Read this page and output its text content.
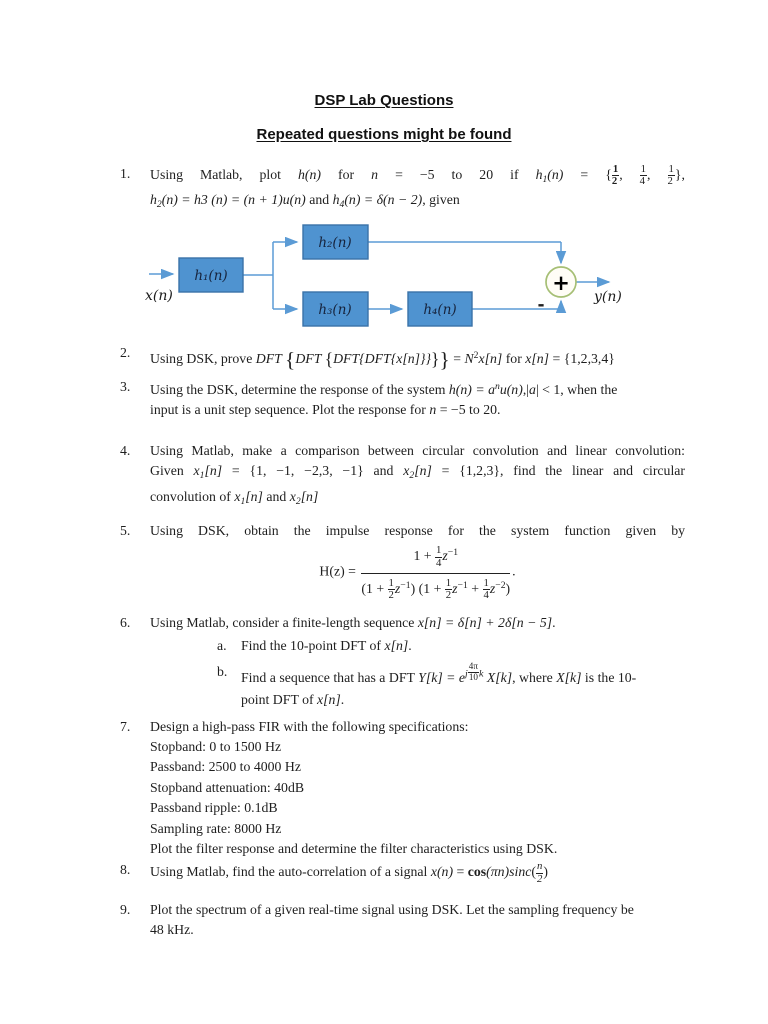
DSP Lab Questions
Repeated questions might be found
1.	Using Matlab, plot h(n) for n = −5 to 20 if $h_1(n)$ = { $\frac{1}{2}$ , $\frac{1}{4}$ , $\frac{1}{2}$ },
$h_2(n) = h3$ (n) = (n + 1)u(n) and $h_4(n) = \delta(n - 2)$, given
h₁(n)
h₂(n)
h₃(n)	h₄(n)
+
-
x(n)	y(n)
2.	Using DSK, prove DFT {DFT $\{DFT\{DFT\{x[n]\}\}\}\} = N^2x[n]$ for x[n] = {1,2,3,4}
3.	Using the DSK, determine the response of the system $h(n) = a^nu(n),|a| < 1$, when the
input is a unit step sequence. Plot the response for n = −5 to 20.
4.	Using Matlab, make a comparison between circular convolution and linear convolution:
Given $x_1[n] = \{1$, −1, −2,3, −1} and $x_2[n] = \{1,2,3\}$, find the linear and circular
convolution of $x_1[n]$ and $x_2[n]$
5.	Using DSK, obtain the impulse response for the system function given by
$H(z) = \frac{1 + \frac{1}{4} z^{-1}}{(1 + \frac{1}{2} z^{-1}) (1 + \frac{1}{2} z^{-1} + \frac{1}{4} z^{-2})}$ .
6.	Using Matlab, consider a finite-length sequence x[n] = δ[n] + 2δ[n − 5].
a.	Find the 10-point DFT of x[n].
b. Find a sequence that has a DFT Y[k] = ej $\frac{4\pi}{10}$ k X[k], where X[k] is the 10-
point DFT of x[n].
7.	Design a high-pass FIR with the following specifications:
Stopband: 0 to 1500 Hz
Passband: 2500 to 4000 Hz
Stopband attenuation: 40dB
Passband ripple: 0.1dB
Sampling rate: 8000 Hz
Plot the filter response and determine the filter characteristics using DSK.
8.	Using Matlab, find the auto-correlation of a signal $x(n) = \cos(\pi n)\sin c( \frac{n}{2}$ )
9.	Plot the spectrum of a given real-time signal using DSK. Let the sampling frequency be
48 kHz.
